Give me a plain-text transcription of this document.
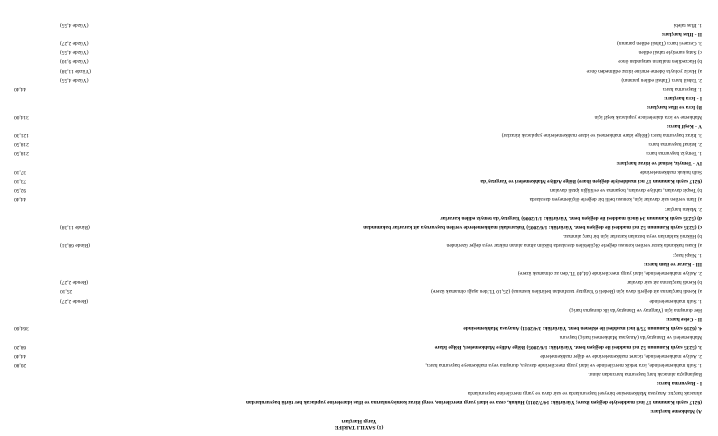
(1) SAYILI TARİFE
Yargı Harçları
A) Mahkeme harçları:
(6217 sayılı Kanunun 17 inci maddesiyle değişen ibare; Yürürlük: 14/7/2011) Hukuk, ceza ve idari yargı mercilerine, vergi itiraz komisyonlarına ve iflas idarelerine yapılacak her türlü başvurulardan
alınacak harçtır. Anayasa Mahkemesine bireysel başvurularda ve sair dava ve yargı mercilerine başvurularda
I - Başvurma harcı:
Başlangıçta alınacak harç başvurma harcından alınır.
1. Sulh mahkemelerinde, icra tetkik mercilerinde ve idari yargı mercilerinde davaya, duruşma veya mahkemeye başvurma harcı,
20,80
2. Asliye mahkemelerinde, ticaret mahkemelerinde ve diğer mahkemelerde
44,40
3. (5235 sayılı Kanunun 52 nci maddesi ile değişen bent. Yürürlük: 1/6/2005) Bölge Adliye Mahkemeleri, Bölge İdare
68,20
Mahkemeleri ve Danıştay'da (Anayasa Mahkemesi hariç) başvuru
4. (6216 sayılı Kanunun 75/8 inci maddesi ile eklenen bent. Yürürlük: 3/4/2011) Anayasa Mahkemesinde
364,60
II - Celse harcı:
Her duruşma için (Yargıtay ve Danıştay'da ilk duruşma hariç)
1. Sulh mahkemelerinde
(Bende 2,27)
a) Kendi harçlarına ait değerli dava için (Bedeli 6 Yargıtay tarafından belirtilen kısmına) (25,10 TL'den aşağı olmamak üzere)
25,10
b) Kendi harçlarına ait sair davalar
(Bende 2,27)
2. Asliye mahkemelerinde, idari yargı mercilerinde (44,40 TL'den az olmamak üzere)
III - Karar ve ilam harcı:
1. Nispi harç:
a) Esası hakkında karar verilen konusu değerle ölçülebilen davalarda hüküm altına alınan miktar veya değer üzerinden
(Binde 68,31)
b) Hükmü kaldırılan veya bozulan kararlar için bir harç alınmaz.
c) (5235 sayılı Kanunun 52 nci maddesi ile değişen bent. Yürürlük: 1/6/2005) Yukarıdaki mahkemelerde verilen başvuruya ait kararlar bakımından
(Binde 11,38)
d) (5235 sayılı Kanunun 34 üncü maddesi ile değişen bent. Yürürlük: 1/1/2006) Yargıtay'da temyiz edilen kararlar
2. Maktu harçlar:
a) İlam verilen sair davalar için, konusu belli bir değerle ölçülemeyen davalarda
44,40
b) Tespit davaları, tahliye davaları, boşanma ve evliliğin iptali davaları
92,50
(6217 sayılı Kanunun 17 nci maddesiyle değişen ibare) Bölge Adliye Mahkemeleri ve Yargıtay'da
73,10
Sulh hukuk mahkemelerinde
37,10
IV - Temyiz, istinaf ve itiraz harçları:
1. Temyiz başvurma harcı
218,50
2. İstinaf başvurma harcı
218,50
3. İtiraz başvurma harcı (Bölge idare mahkemesi ve idare mahkemelerine yapılacak itirazlar)
121,30
V - Keşif harcı:
Mahkeme ve icra dairelerince yapılacak keşif için
314,00
B) İcra ve iflas harçları:
I - İcra harçları:
1. Başvurma harcı
44,40
2. Tahsil harcı (Tahsil edilen paranın)
(Yüzde 4,55)
a) Haciz yoluyla ödeme emrine itiraz edilmeden önce
(Yüzde 11,38)
b) Haczedilen malların satışından önce
(Yüzde 9,10)
c) Satış suretiyle tahsil edilen
(Yüzde 4,55)
3. Cezaevi harcı (Tahsil edilen paranın)
(Yüzde 2,27)
II - İflas harçları:
1. İflas talebi
(Yüzde 4,55)
